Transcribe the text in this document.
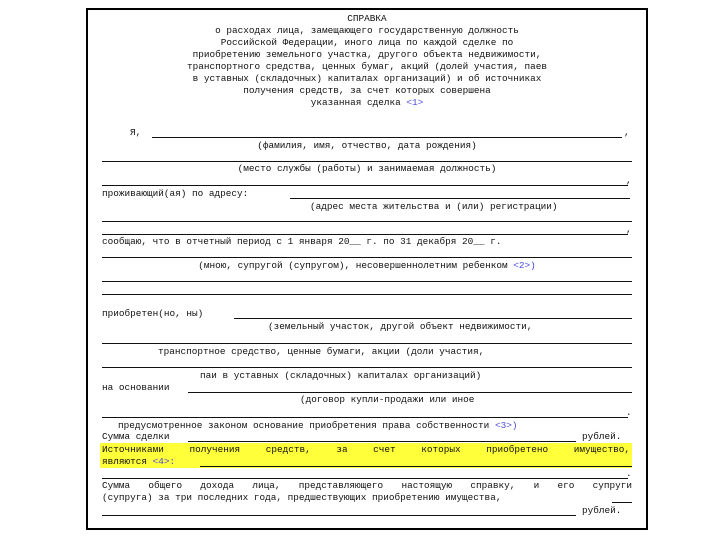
СПРАВКА
о расходах лица, замещающего государственную должность
Российской Федерации, иного лица по каждой сделке по
приобретению земельного участка, другого объекта недвижимости,
транспортного средства, ценных бумаг, акций (долей участия, паев
в уставных (складочных) капиталах организаций) и об источниках
получения средств, за счет которых совершена
указанная сделка <1>
Я,	,
(фамилия, имя, отчество, дата рождения)
(место службы (работы) и занимаемая должность)
,
проживающий(ая) по адресу:
(адрес места жительства и (или) регистрации)
,
сообщаю, что в отчетный период с 1 января 20__ г. по 31 декабря 20__ г.
(мною, супругой (супругом), несовершеннолетним ребенком <2>)
приобретен(но, ны)
(земельный участок, другой объект недвижимости,
транспортное средство, ценные бумаги, акции (доли участия,
паи в уставных (складочных) капиталах организаций)
на основании
(договор купли-продажи или иное
.
предусмотренное законом основание приобретения права собственности <3>)
Сумма сделки	рублей.
Источниками получения средств, за счет которых приобретено имущество,
являются <4>:
.
Сумма общего дохода лица, представляющего настоящую справку, и его супруги
(супруга) за три последних года, предшествующих приобретению имущества,
рублей.
